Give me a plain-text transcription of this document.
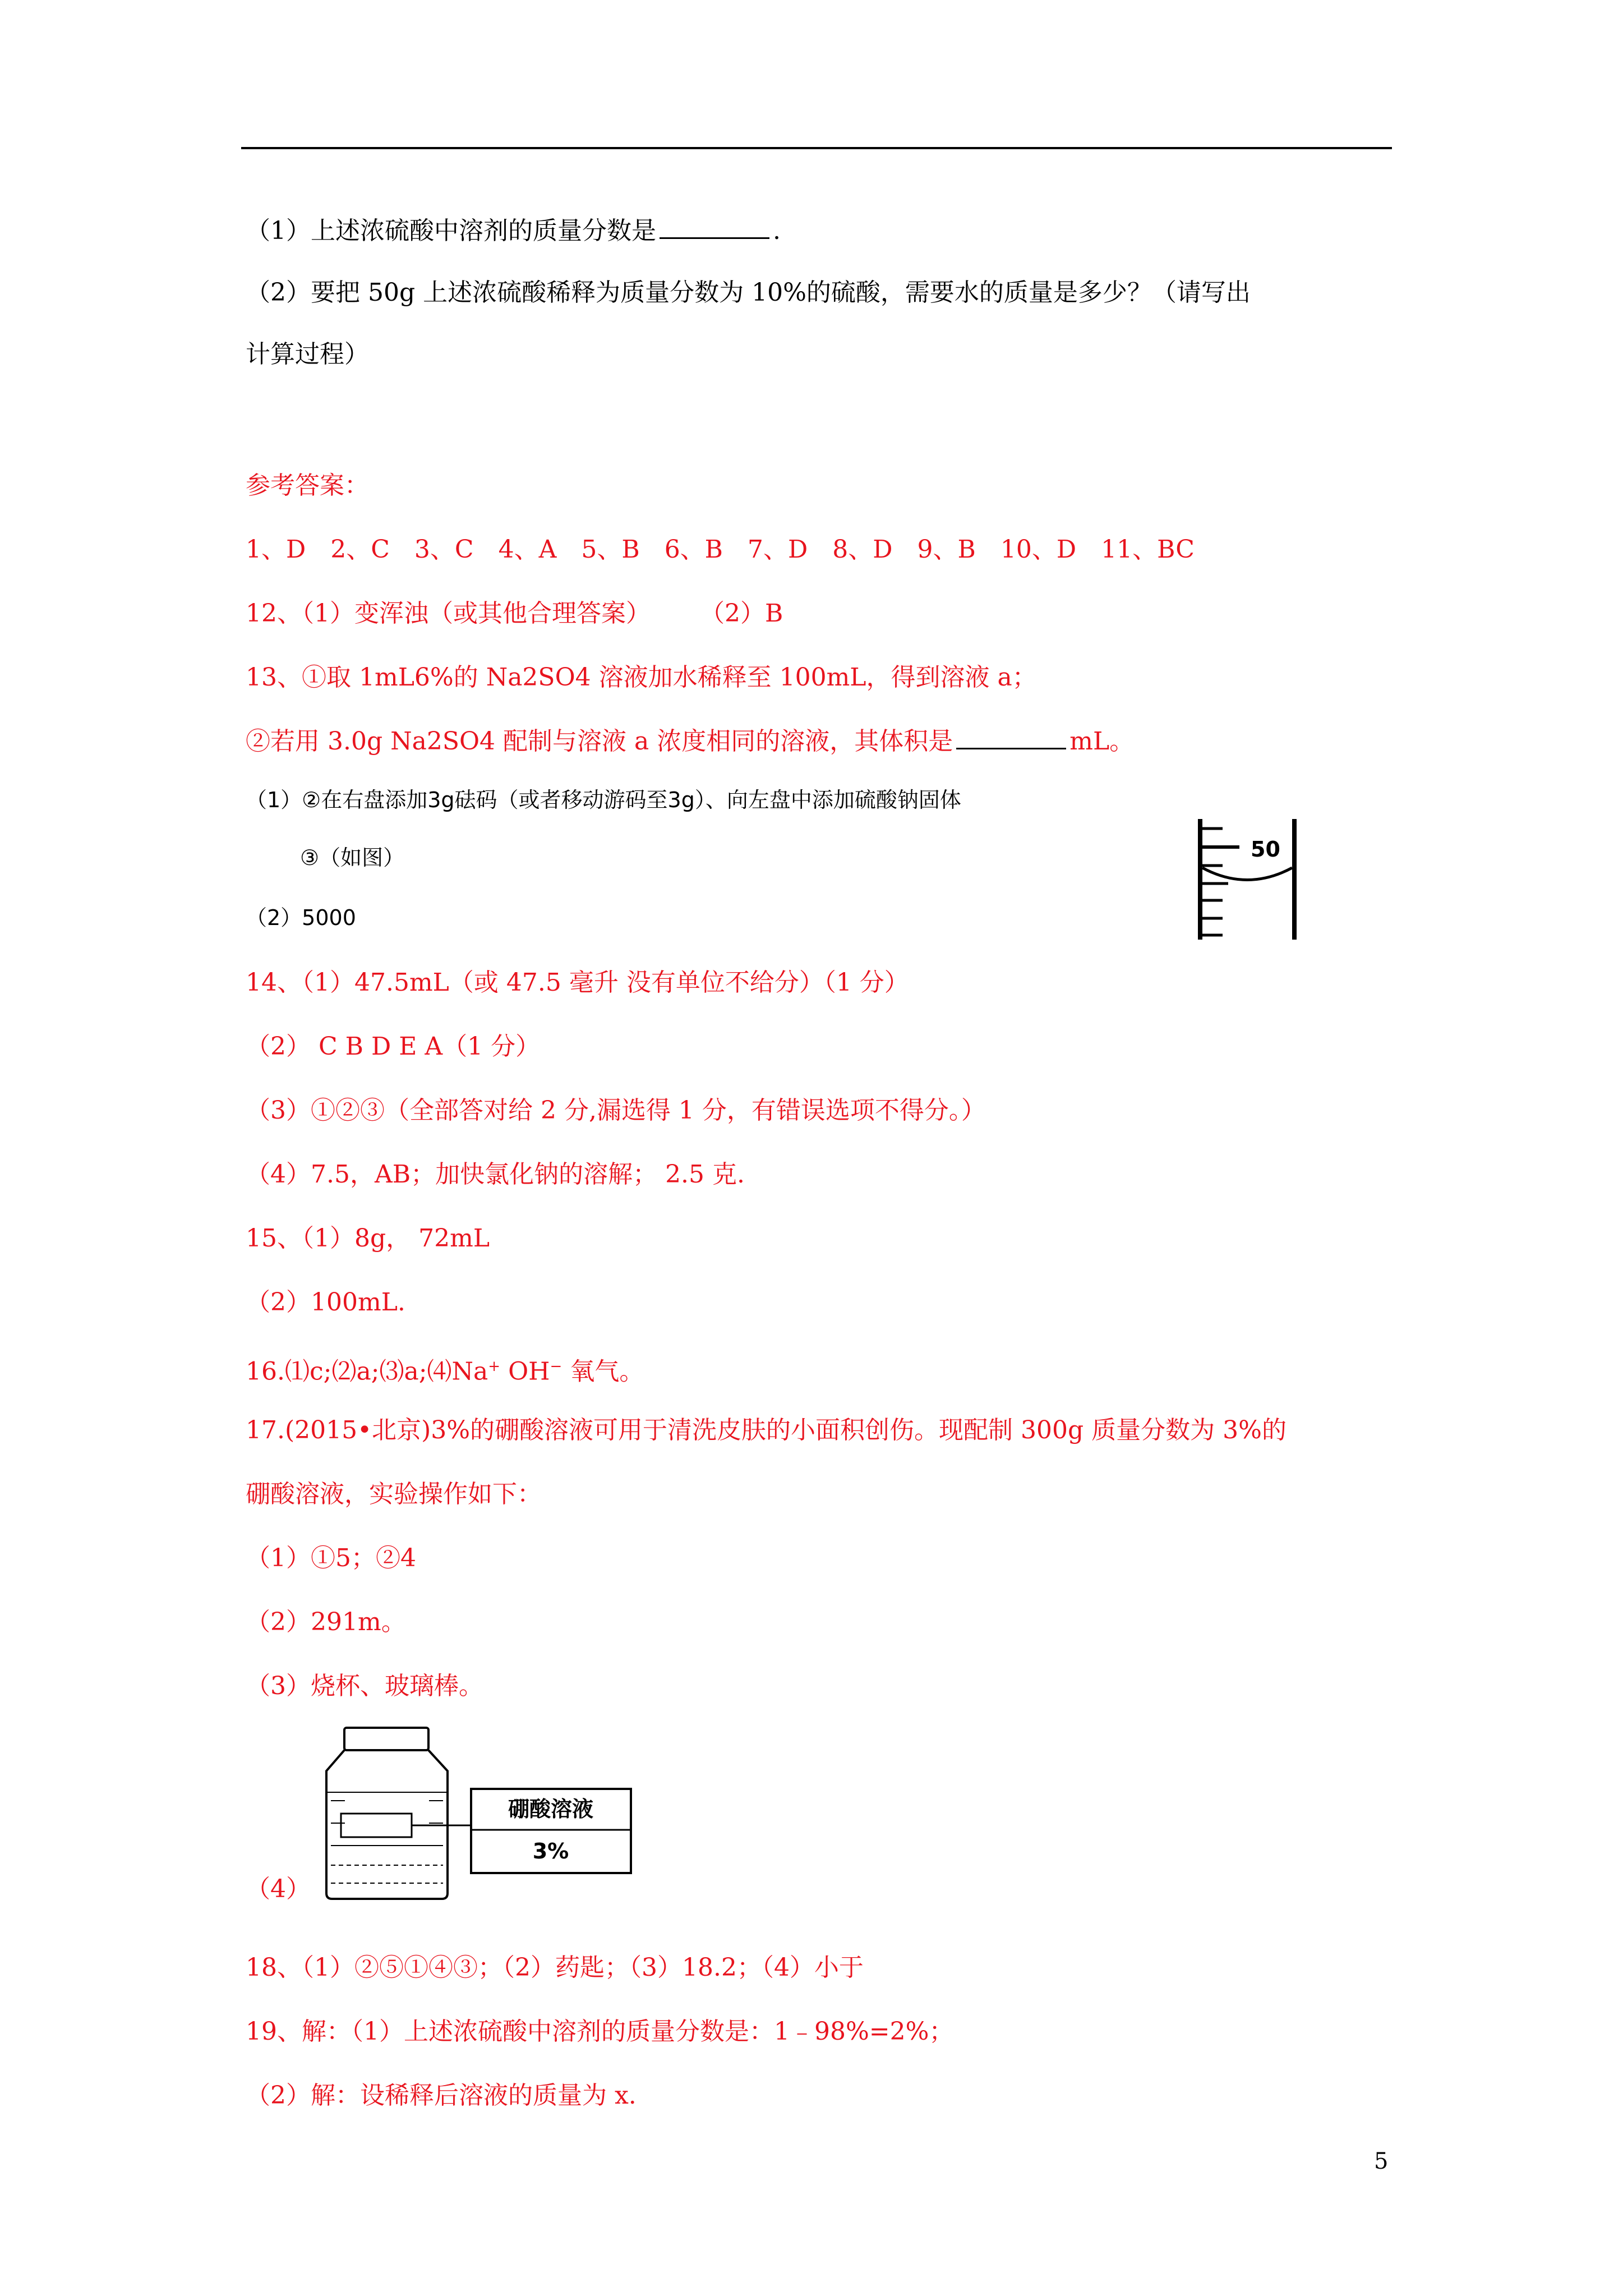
（1）上述浓硫酸中溶剂的质量分数是	.
（2）要把 50g 上述浓硫酸稀释为质量分数为 10%的硫酸，需要水的质量是多少？（请写出
计算过程）
参考答案：
1、D　2、C　3、C　4、A　5、B　6、B　7、D　8、D　9、B　10、D　11、BC
12、（1）变浑浊（或其他合理答案）　　　（2）B
13、①取 1mL6%的 Na2SO4 溶液加水稀释至 100mL，得到溶液 a；
②若用 3.0g Na2SO4 配制与溶液 a 浓度相同的溶液，其体积是	mL。
（1）②在右盘添加3g砝码（或者移动游码至3g）、向左盘中添加硫酸钠固体
③（如图）
（2）5000
50
14、（1）47.5mL（或 47.5 毫升 没有单位不给分）（1 分）
（2） C B D E A（1 分）
（3）①②③（全部答对给 2 分,漏选得 1 分，有错误选项不得分。）
（4）7.5，AB；加快氯化钠的溶解； 2.5 克.
15、（1）8g， 72mL
（2）100mL.
16.⑴c;⑵a;⑶a;⑷Na+ OH− 氧气。
17.(2015•北京)3%的硼酸溶液可用于清洗皮肤的小面积创伤。现配制 300g 质量分数为 3%的
硼酸溶液，实验操作如下：
（1）①5；②4
（2）291m。
（3）烧杯、玻璃棒。
硼酸溶液
3%
（4）
18、（1）②⑤①④③；（2）药匙；（3）18.2；（4）小于
19、解：（1）上述浓硫酸中溶剂的质量分数是：1﹣98%=2%；
（2）解：设稀释后溶液的质量为 x.
5
